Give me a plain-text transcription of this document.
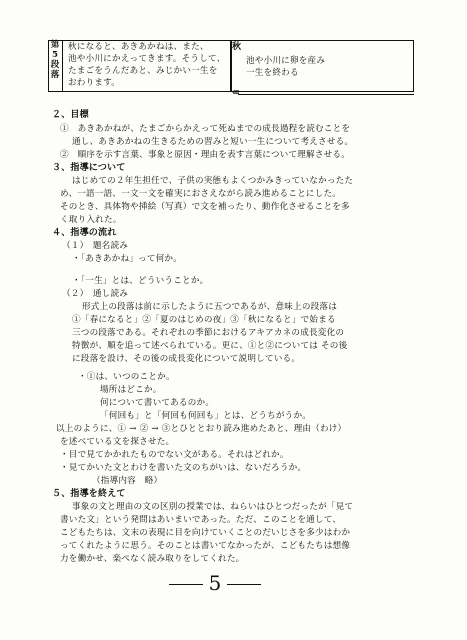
第
5
段
落
秋になると、あきあかねは、また、
池や小川にかえってきます。そうして、
たまごをうんだあと、みじかい一生を
おわります。
秋
池や小川に卵を産み
一生を終わる
⇚
２、目標
①　あきあかねが、たまごからかえって死ぬまでの成長過程を読むことを
通し、あきあかねの生きるための習みと短い一生について考えさせる。
②　順序を示す言葉、事象と原因・理由を表す言葉について理解させる。
３、指導について
はじめての２年生担任で、子供の実態もよくつかみきっていなかったた
め、一語一語、一文一文を確実におさえながら読み進めることにした。
そのとき、具体物や挿絵（写真）で文を補ったり、動作化させることを多
く取り入れた。
４、指導の流れ
（１）　題名読み
・「あきあかね」って何か。
・「一生」とは、どういうことか。
（２）　通し読み
形式上の段落は前に示したように五つであるが、意味上の段落は
①「春になると」②「夏のはじめの夜」③「秋になると」で始まる
三つの段落である。それぞれの季節におけるアキアカネの成長変化の
特徴が、順を追って述べられている。更に、①と②については その後
に段落を設け、その後の成長変化について説明している。
・①は、いつのことか。
場所はどこか。
何について書いてあるのか。
「何回も」と「何回も何回も」とは、どうちがうか。
以上のように、① → ② → ③とひととおり読み進めたあと、理由（わけ）
を述べている文を探させた。
・目で見てかかれたものでない文がある。それはどれか。
・見てかいた文とわけを書いた文のちがいは、ないだろうか。
（指導内容　略）
５、指導を終えて
事象の文と理由の文の区別の授業では、ねらいはひとつだったが「見て
書いた文」という発問はあいまいであった。ただ、このことを通して、
こどもたちは、文末の表現に目を向けていくことのだいじさを多少はわか
ってくれたように思う。そのことは書いてなかったが、こどもたちは想像
力を働かせ、楽ぺなく読み取りをしてくれた。
5
